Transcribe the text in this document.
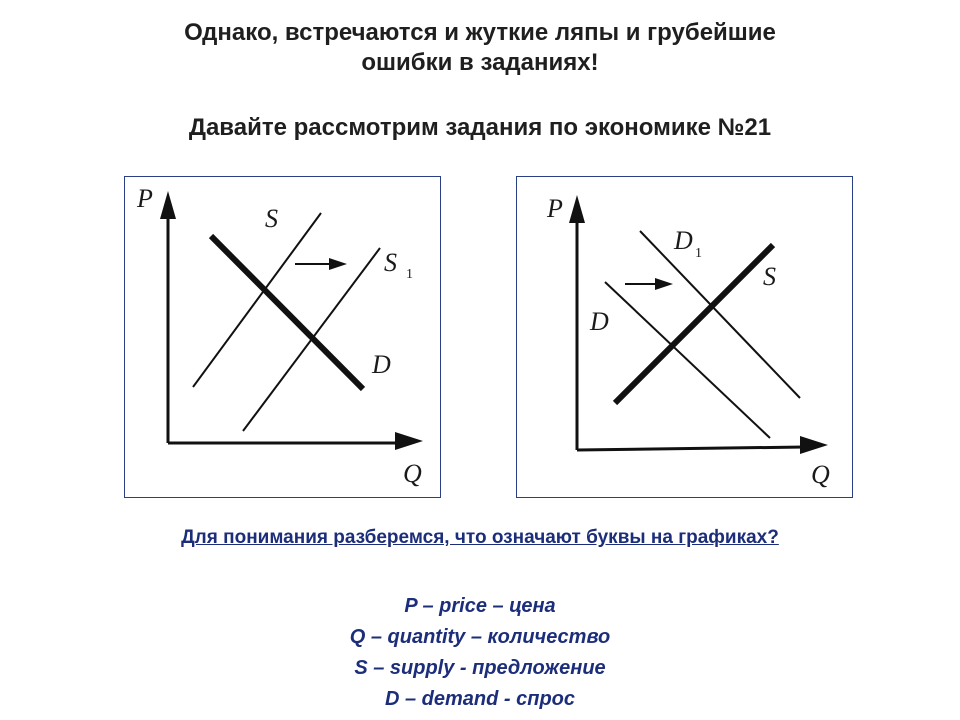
Однако, встречаются и жуткие ляпы и грубейшие
ошибки в заданиях!
Давайте рассмотрим задания по экономике №21
P
Q
S
S 1
D
P
Q
D
D 1
S
Для понимания разберемся, что означают буквы на графиках?
P – price – цена
Q – quantity – количество
S – supply - предложение
D – demand - спрос
